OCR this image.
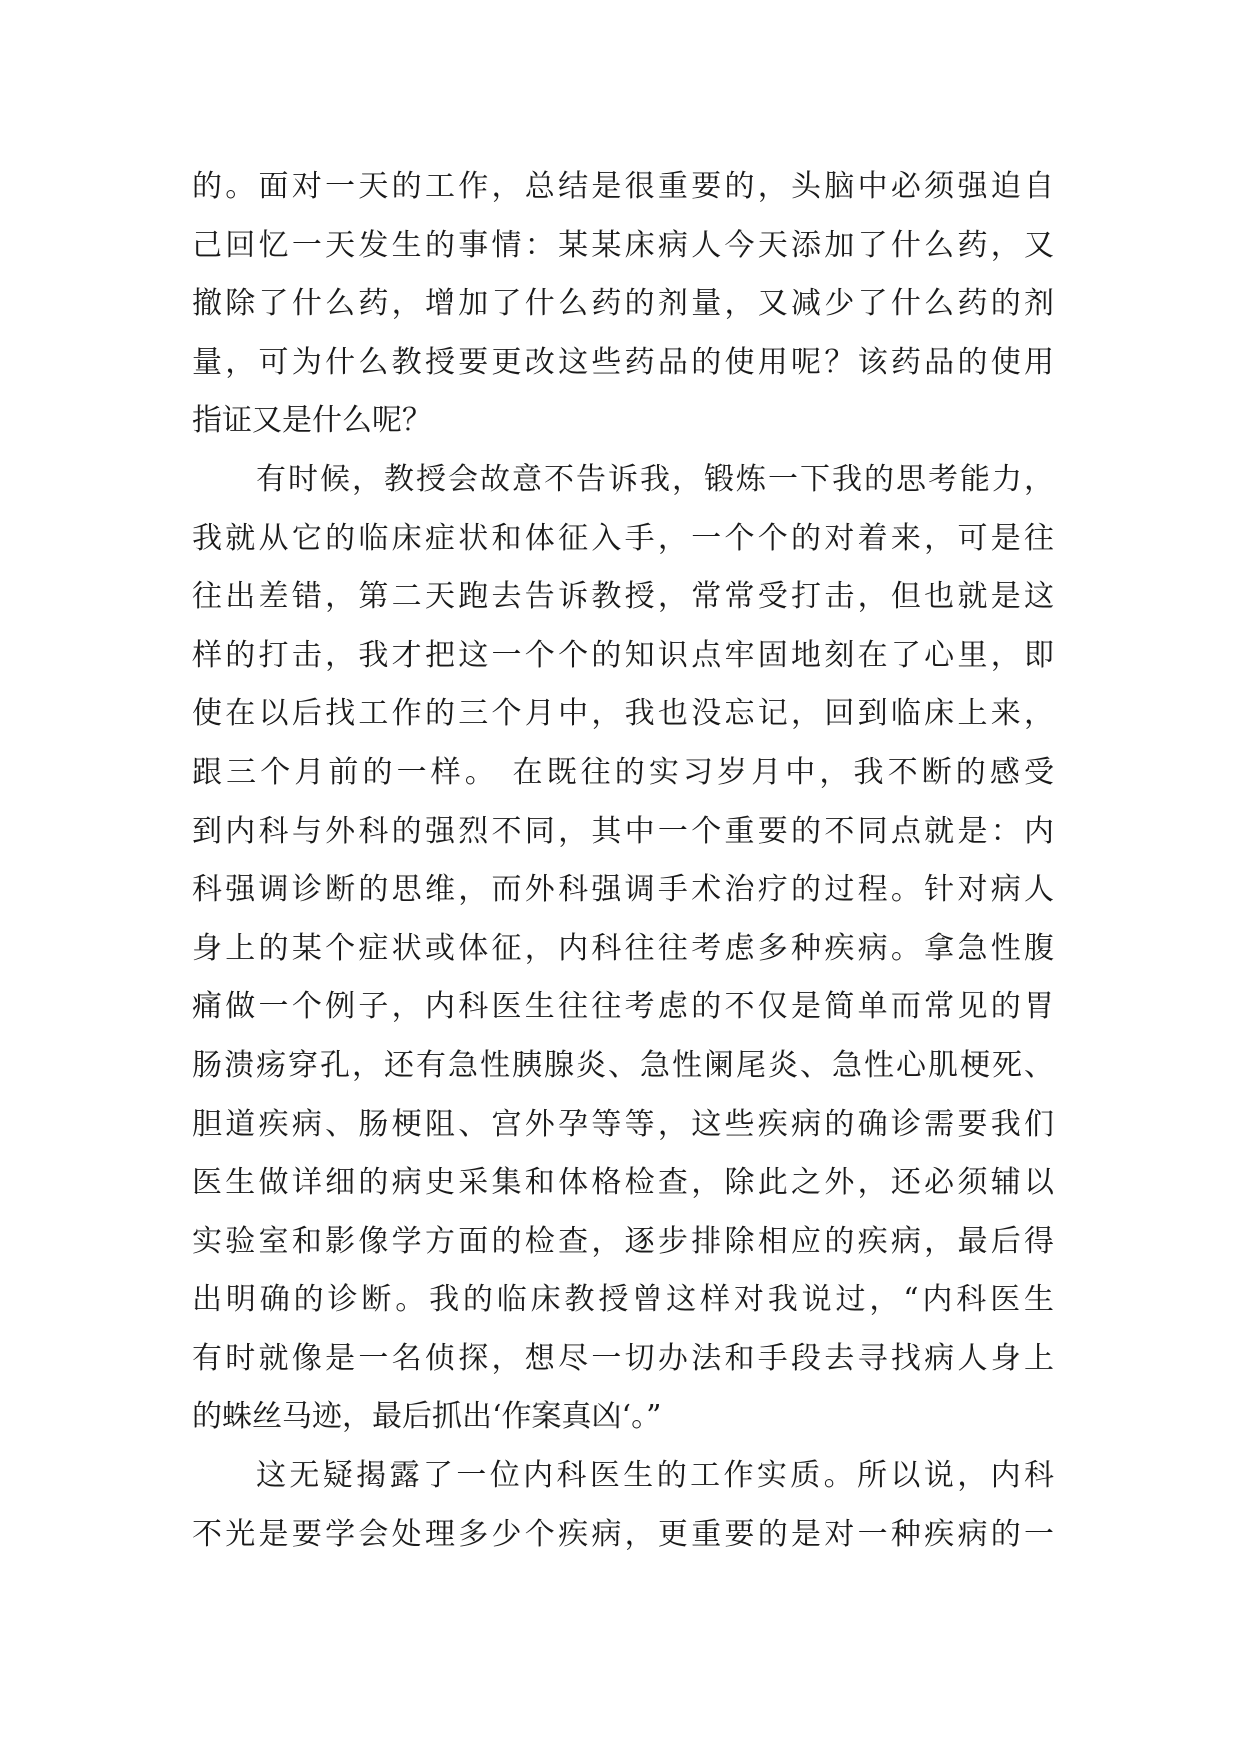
的。面对一天的工作，总结是很重要的，头脑中必须强迫自
己回忆一天发生的事情：某某床病人今天添加了什么药，又
撤除了什么药，增加了什么药的剂量，又减少了什么药的剂
量，可为什么教授要更改这些药品的使用呢？该药品的使用
指证又是什么呢？
有时候，教授会故意不告诉我，锻炼一下我的思考能力，
我就从它的临床症状和体征入手，一个个的对着来，可是往
往出差错，第二天跑去告诉教授，常常受打击，但也就是这
样的打击，我才把这一个个的知识点牢固地刻在了心里，即
使在以后找工作的三个月中，我也没忘记，回到临床上来，
跟三个月前的一样。 在既往的实习岁月中，我不断的感受
到内科与外科的强烈不同，其中一个重要的不同点就是：内
科强调诊断的思维，而外科强调手术治疗的过程。针对病人
身上的某个症状或体征，内科往往考虑多种疾病。拿急性腹
痛做一个例子，内科医生往往考虑的不仅是简单而常见的胃
肠溃疡穿孔，还有急性胰腺炎、急性阑尾炎、急性心肌梗死、
胆道疾病、肠梗阻、宫外孕等等，这些疾病的确诊需要我们
医生做详细的病史采集和体格检查，除此之外，还必须辅以
实验室和影像学方面的检查，逐步排除相应的疾病，最后得
出明确的诊断。我的临床教授曾这样对我说过，“内科医生
有时就像是一名侦探，想尽一切办法和手段去寻找病人身上
的蛛丝马迹，最后抓出‘作案真凶‘。”
这无疑揭露了一位内科医生的工作实质。所以说，内科
不光是要学会处理多少个疾病，更重要的是对一种疾病的一
